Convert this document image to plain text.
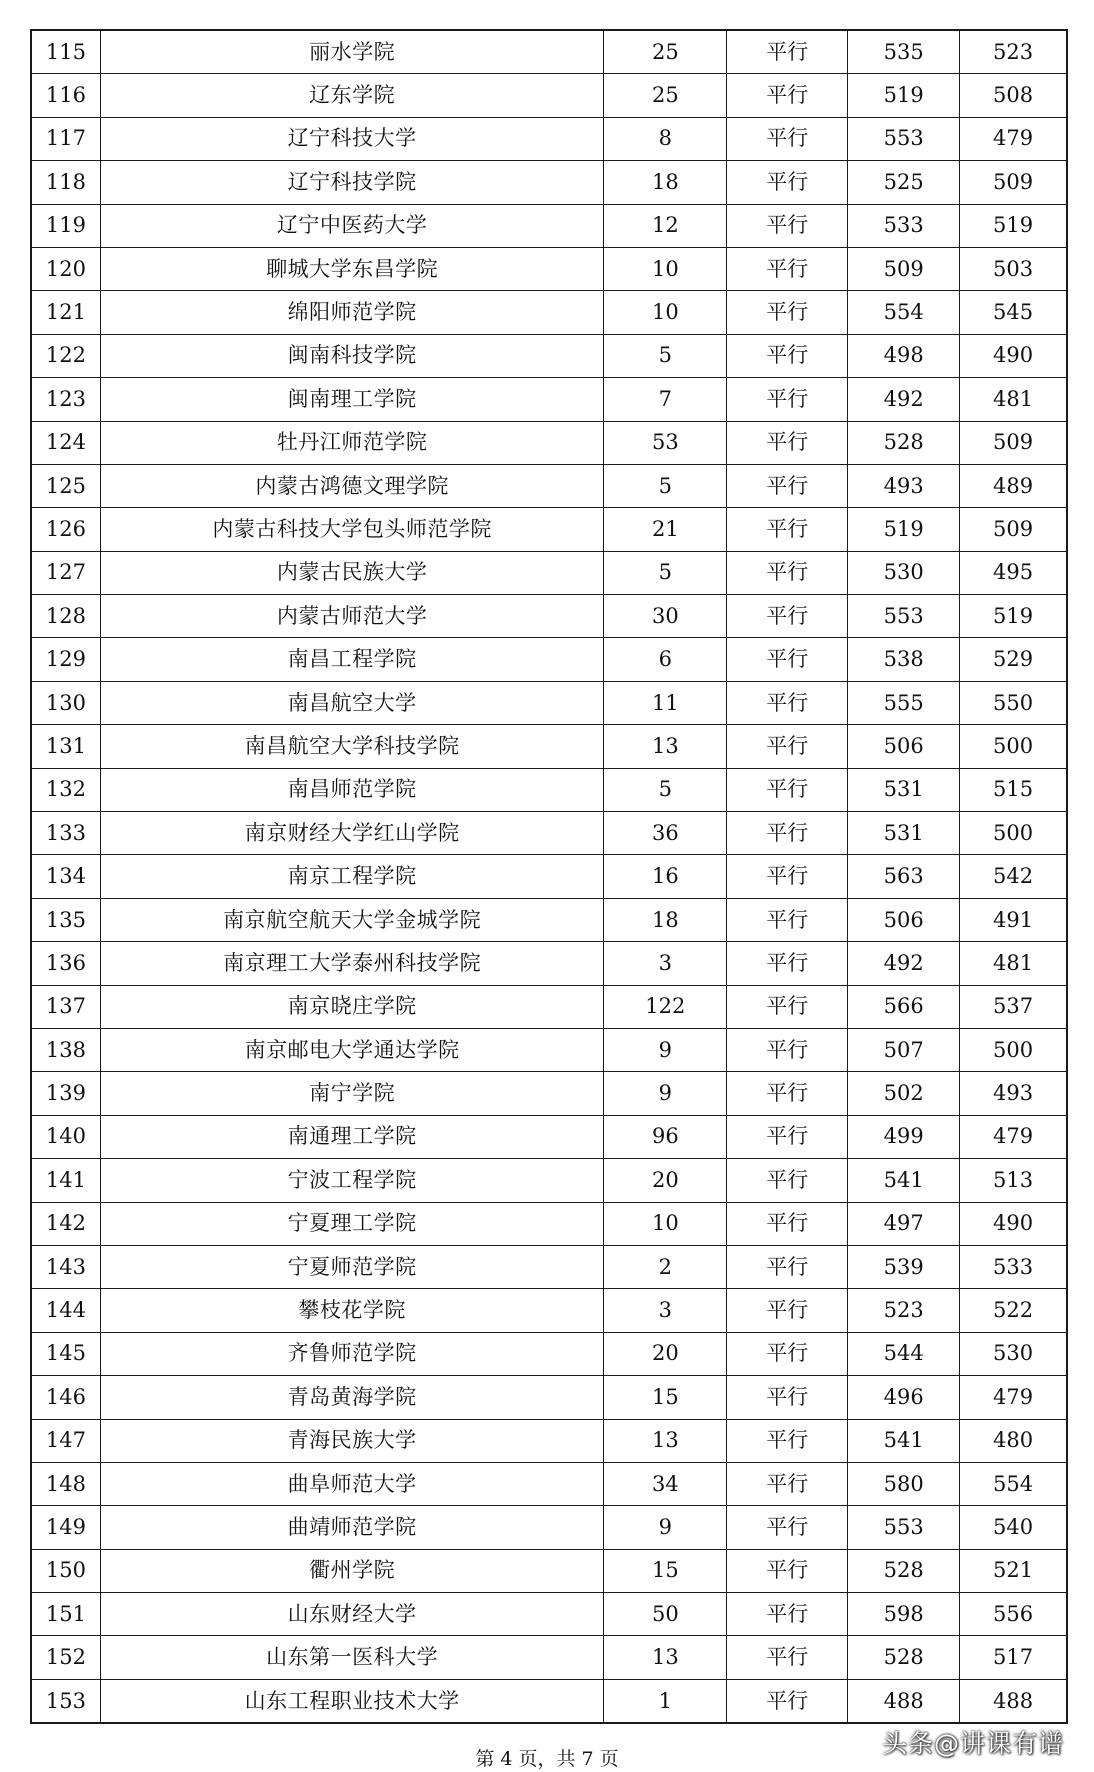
115	丽水学院	25	平行	535	523
116	辽东学院	25	平行	519	508
117	辽宁科技大学	8	平行	553	479
118	辽宁科技学院	18	平行	525	509
119	辽宁中医药大学	12	平行	533	519
120	聊城大学东昌学院	10	平行	509	503
121	绵阳师范学院	10	平行	554	545
122	闽南科技学院	5	平行	498	490
123	闽南理工学院	7	平行	492	481
124	牡丹江师范学院	53	平行	528	509
125	内蒙古鸿德文理学院	5	平行	493	489
126	内蒙古科技大学包头师范学院	21	平行	519	509
127	内蒙古民族大学	5	平行	530	495
128	内蒙古师范大学	30	平行	553	519
129	南昌工程学院	6	平行	538	529
130	南昌航空大学	11	平行	555	550
131	南昌航空大学科技学院	13	平行	506	500
132	南昌师范学院	5	平行	531	515
133	南京财经大学红山学院	36	平行	531	500
134	南京工程学院	16	平行	563	542
135	南京航空航天大学金城学院	18	平行	506	491
136	南京理工大学泰州科技学院	3	平行	492	481
137	南京晓庄学院	122	平行	566	537
138	南京邮电大学通达学院	9	平行	507	500
139	南宁学院	9	平行	502	493
140	南通理工学院	96	平行	499	479
141	宁波工程学院	20	平行	541	513
142	宁夏理工学院	10	平行	497	490
143	宁夏师范学院	2	平行	539	533
144	攀枝花学院	3	平行	523	522
145	齐鲁师范学院	20	平行	544	530
146	青岛黄海学院	15	平行	496	479
147	青海民族大学	13	平行	541	480
148	曲阜师范大学	34	平行	580	554
149	曲靖师范学院	9	平行	553	540
150	衢州学院	15	平行	528	521
151	山东财经大学	50	平行	598	556
152	山东第一医科大学	13	平行	528	517
153	山东工程职业技术大学	1	平行	488	488
第 4 页，共 7 页
头条@讲课有谱
